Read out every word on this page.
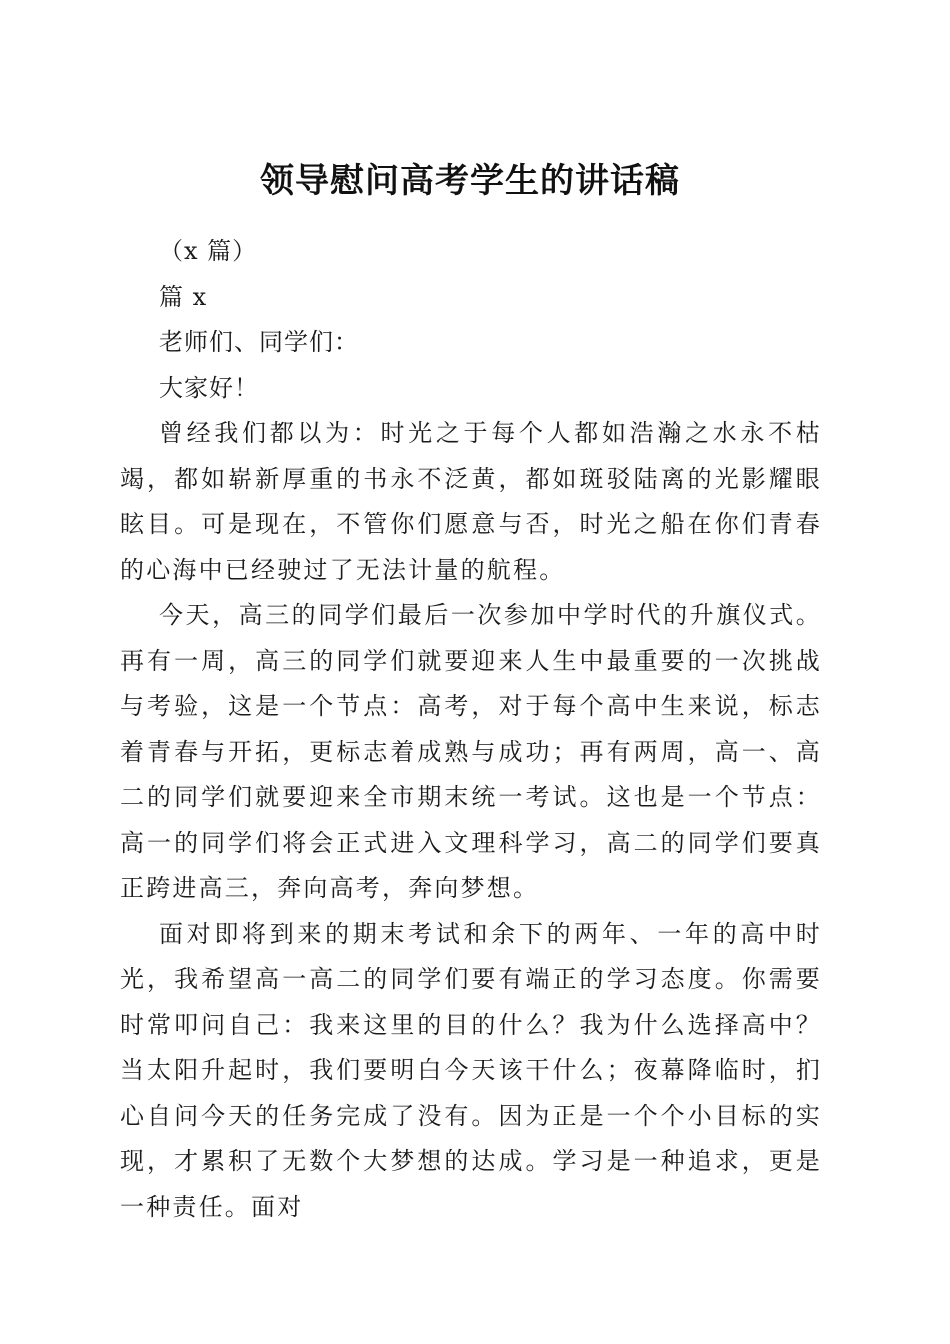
领导慰问高考学生的讲话稿

（x 篇）

篇 x

老师们、同学们：

大家好！

曾经我们都以为：时光之于每个人都如浩瀚之水永不枯竭，都如崭新厚重的书永不泛黄，都如斑驳陆离的光影耀眼眩目。可是现在，不管你们愿意与否，时光之船在你们青春的心海中已经驶过了无法计量的航程。

今天，高三的同学们最后一次参加中学时代的升旗仪式。再有一周，高三的同学们就要迎来人生中最重要的一次挑战与考验，这是一个节点：高考，对于每个高中生来说，标志着青春与开拓，更标志着成熟与成功；再有两周，高一、高二的同学们就要迎来全市期末统一考试。这也是一个节点：高一的同学们将会正式进入文理科学习，高二的同学们要真正跨进高三，奔向高考，奔向梦想。

面对即将到来的期末考试和余下的两年、一年的高中时光，我希望高一高二的同学们要有端正的学习态度。你需要时常叩问自己：我来这里的目的什么？我为什么选择高中？当太阳升起时，我们要明白今天该干什么；夜幕降临时，扪心自问今天的任务完成了没有。因为正是一个个小目标的实现，才累积了无数个大梦想的达成。学习是一种追求，更是一种责任。面对
